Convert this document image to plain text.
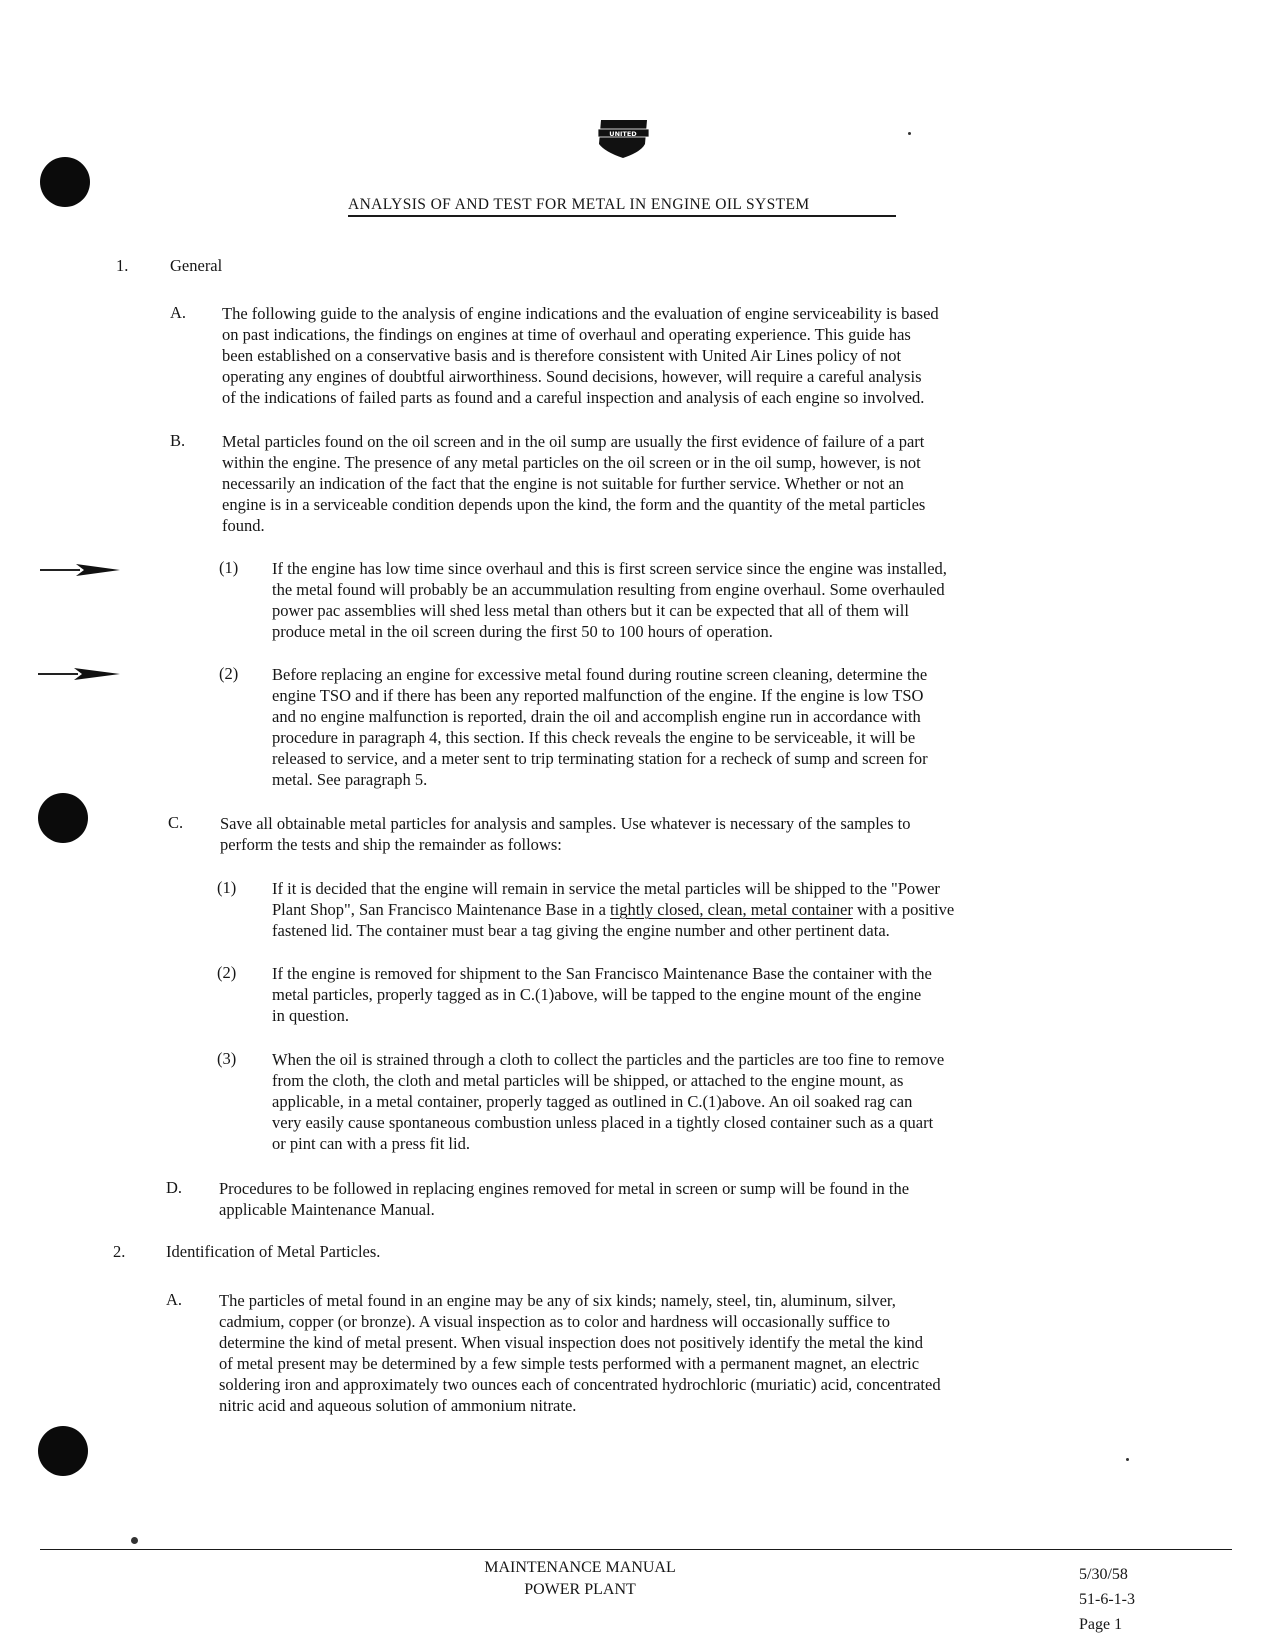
UNITED
ANALYSIS OF AND TEST FOR METAL IN ENGINE OIL SYSTEM
1.	General
A. The following guide to the analysis of engine indications and the evaluation of engine serviceability is based
on past indications, the findings on engines at time of overhaul and operating experience. This guide has
been established on a conservative basis and is therefore consistent with United Air Lines policy of not
operating any engines of doubtful airworthiness. Sound decisions, however, will require a careful analysis
of the indications of failed parts as found and a careful inspection and analysis of each engine so involved.
B. Metal particles found on the oil screen and in the oil sump are usually the first evidence of failure of a part
within the engine. The presence of any metal particles on the oil screen or in the oil sump, however, is not
necessarily an indication of the fact that the engine is not suitable for further service. Whether or not an
engine is in a serviceable condition depends upon the kind, the form and the quantity of the metal particles
found.
(1) If the engine has low time since overhaul and this is first screen service since the engine was installed,
the metal found will probably be an accummulation resulting from engine overhaul. Some overhauled
power pac assemblies will shed less metal than others but it can be expected that all of them will
produce metal in the oil screen during the first 50 to 100 hours of operation.
(2) Before replacing an engine for excessive metal found during routine screen cleaning, determine the
engine TSO and if there has been any reported malfunction of the engine. If the engine is low TSO
and no engine malfunction is reported, drain the oil and accomplish engine run in accordance with
procedure in paragraph 4, this section. If this check reveals the engine to be serviceable, it will be
released to service, and a meter sent to trip terminating station for a recheck of sump and screen for
metal. See paragraph 5.
C. Save all obtainable metal particles for analysis and samples. Use whatever is necessary of the samples to
perform the tests and ship the remainder as follows:
(1) If it is decided that the engine will remain in service the metal particles will be shipped to the "Power
Plant Shop", San Francisco Maintenance Base in a tightly closed, clean, metal container with a positive
fastened lid. The container must bear a tag giving the engine number and other pertinent data.
(2) If the engine is removed for shipment to the San Francisco Maintenance Base the container with the
metal particles, properly tagged as in C.(1)above, will be tapped to the engine mount of the engine
in question.
(3) When the oil is strained through a cloth to collect the particles and the particles are too fine to remove
from the cloth, the cloth and metal particles will be shipped, or attached to the engine mount, as
applicable, in a metal container, properly tagged as outlined in C.(1)above. An oil soaked rag can
very easily cause spontaneous combustion unless placed in a tightly closed container such as a quart
or pint can with a press fit lid.
D. Procedures to be followed in replacing engines removed for metal in screen or sump will be found in the
applicable Maintenance Manual.
2. Identification of Metal Particles.
A. The particles of metal found in an engine may be any of six kinds; namely, steel, tin, aluminum, silver,
cadmium, copper (or bronze). A visual inspection as to color and hardness will occasionally suffice to
determine the kind of metal present. When visual inspection does not positively identify the metal the kind
of metal present may be determined by a few simple tests performed with a permanent magnet, an electric
soldering iron and approximately two ounces each of concentrated hydrochloric (muriatic) acid, concentrated
nitric acid and aqueous solution of ammonium nitrate.
MAINTENANCE MANUAL
POWER PLANT
5/30/58
51-6-1-3
Page 1
